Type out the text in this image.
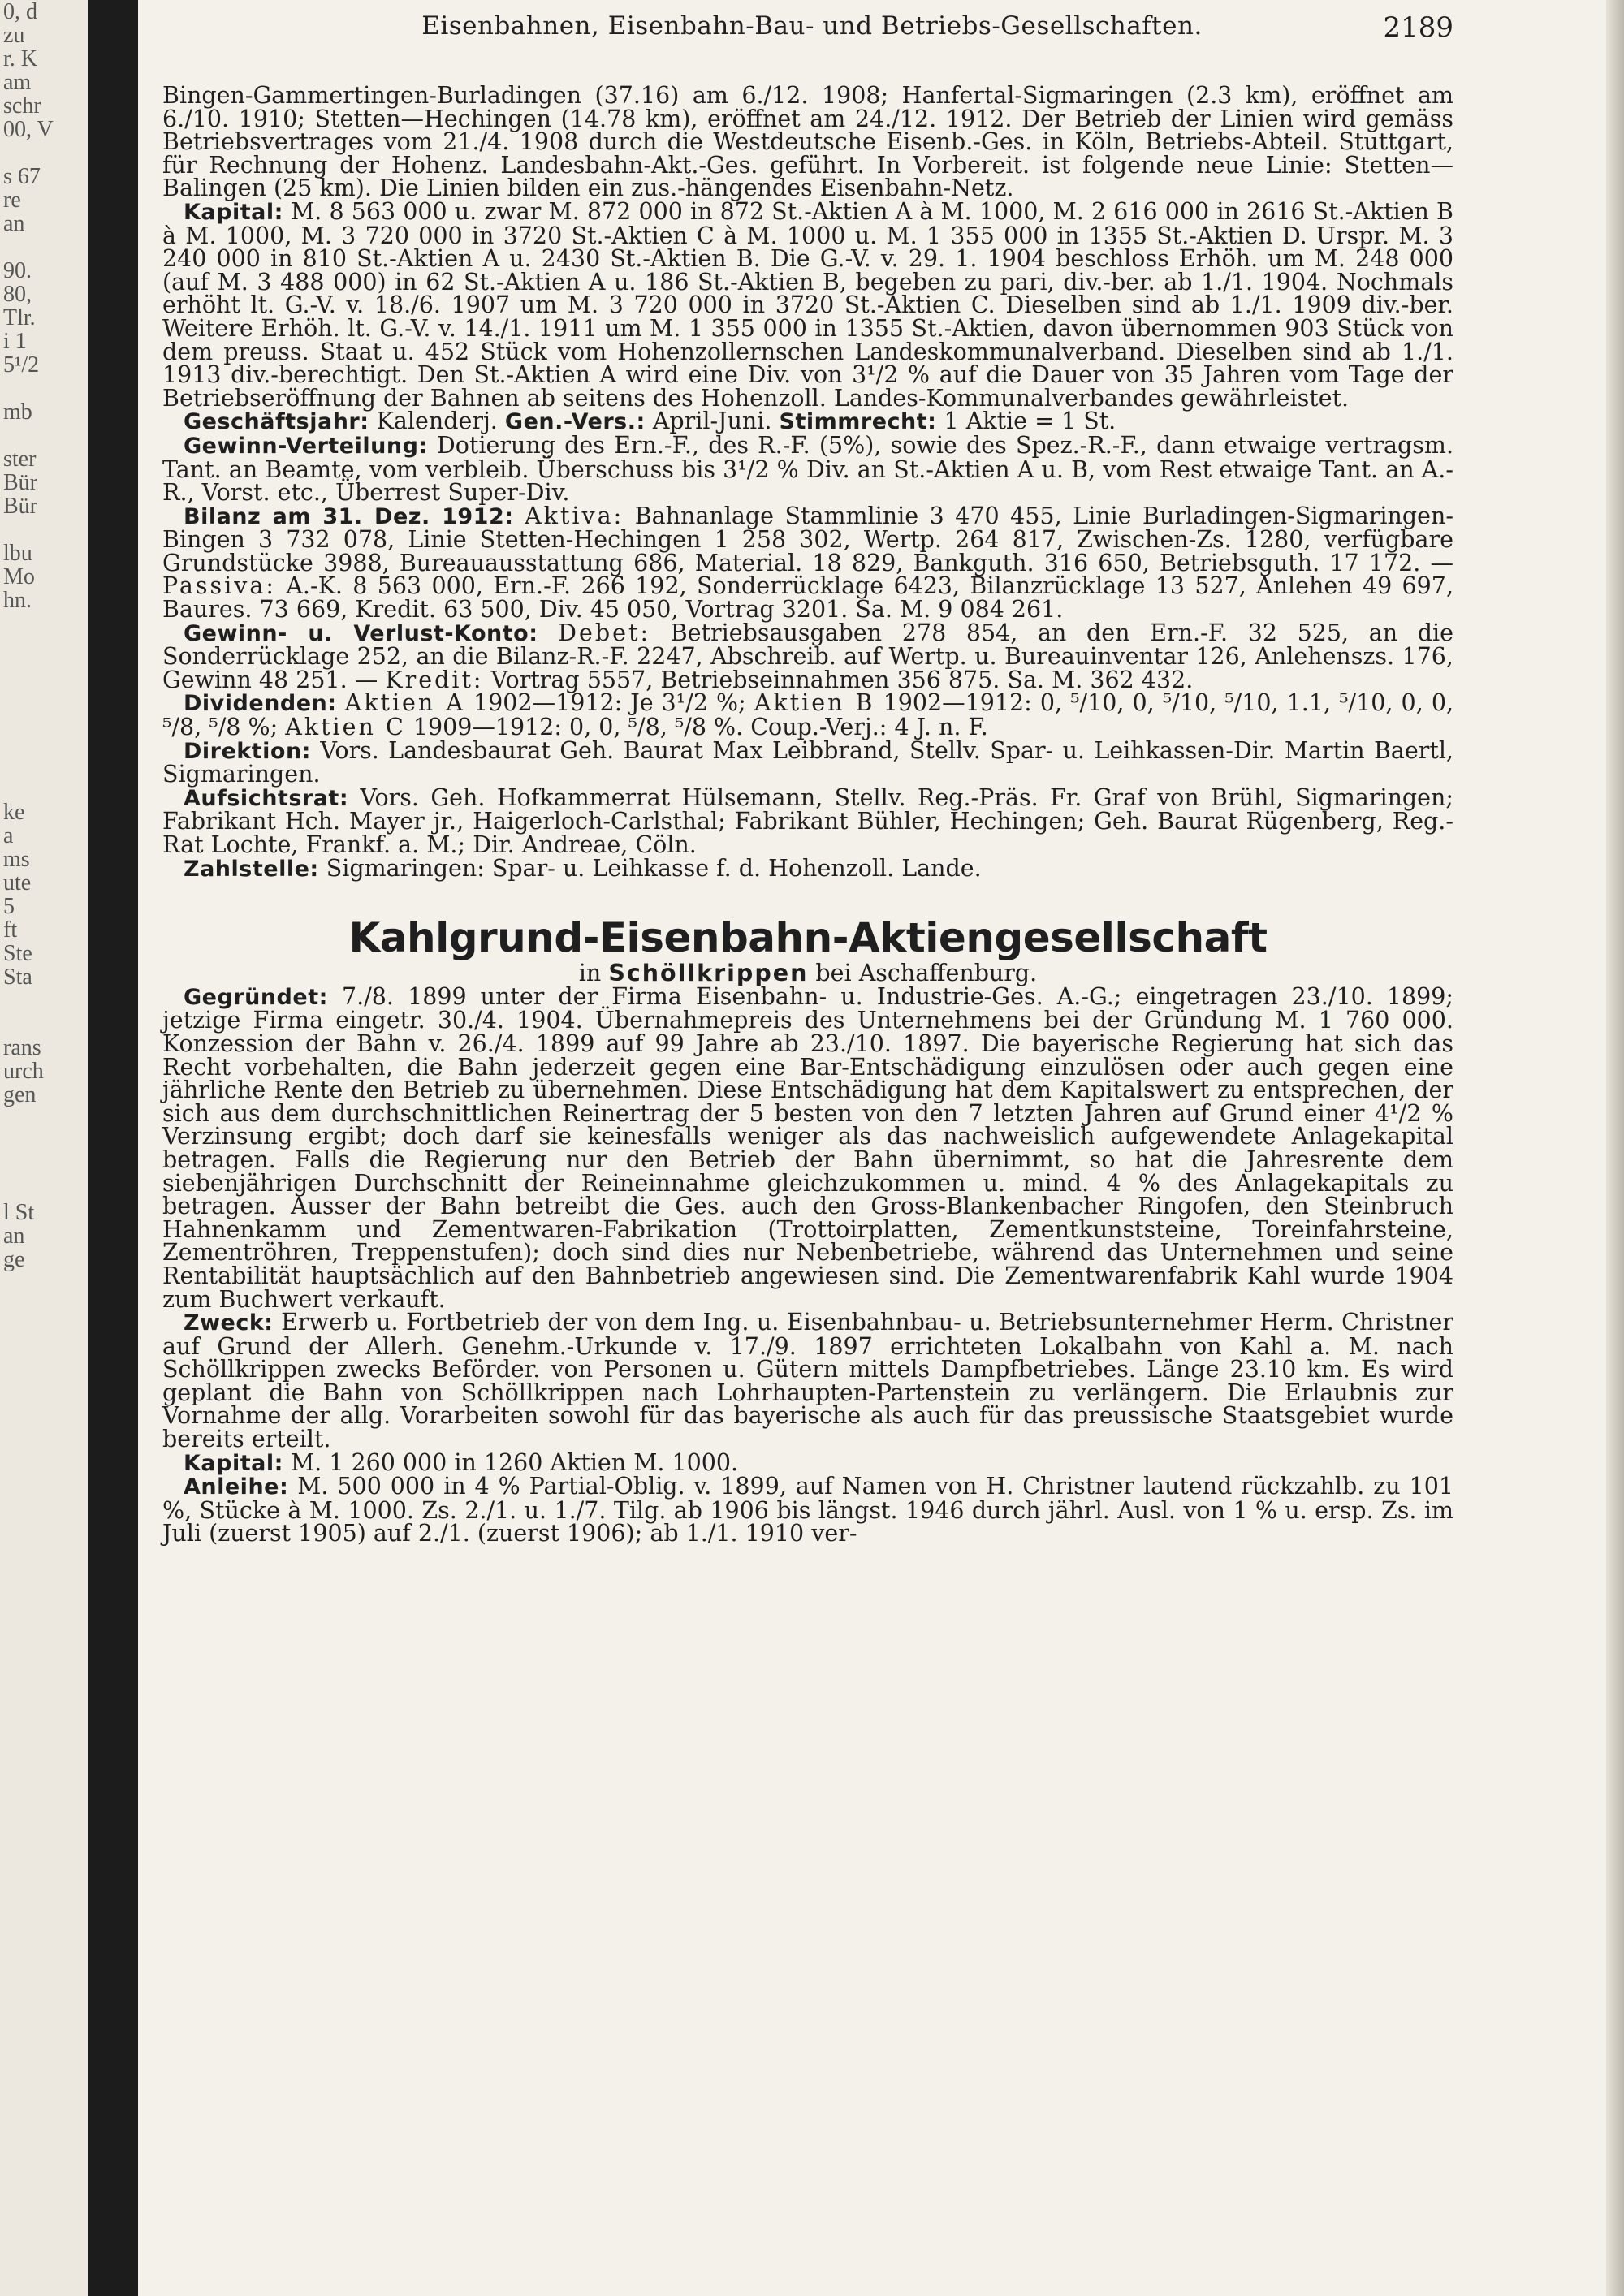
0, d
zu
r. K
am
schr
00, V

s 67
re
an

90.
80,
Tlr.
i 1
5¹/2

mb

ster
Bür
Bür

lbu
Mo
hn.

ke
a
ms
ute
5
ft
Ste
Sta

rans
urch
gen

l St
an
ge

Eisenbahnen, Eisenbahn-Bau- und Betriebs-Gesellschaften.	2189

Bingen-Gammertingen-Burladingen (37.16) am 6./12. 1908; Hanfertal-Sigmaringen (2.3 km), eröffnet am 6./10. 1910; Stetten—Hechingen (14.78 km), eröffnet am 24./12. 1912. Der Betrieb der Linien wird gemäss Betriebsvertrages vom 21./4. 1908 durch die Westdeutsche Eisenb.-Ges. in Köln, Betriebs-Abteil. Stuttgart, für Rechnung der Hohenz. Landesbahn-Akt.-Ges. geführt. In Vorbereit. ist folgende neue Linie: Stetten—Balingen (25 km). Die Linien bilden ein zus.-hängendes Eisenbahn-Netz.

Kapital: M. 8 563 000 u. zwar M. 872 000 in 872 St.-Aktien A à M. 1000, M. 2 616 000 in 2616 St.-Aktien B à M. 1000, M. 3 720 000 in 3720 St.-Aktien C à M. 1000 u. M. 1 355 000 in 1355 St.-Aktien D. Urspr. M. 3 240 000 in 810 St.-Aktien A u. 2430 St.-Aktien B. Die G.-V. v. 29. 1. 1904 beschloss Erhöh. um M. 248 000 (auf M. 3 488 000) in 62 St.-Aktien A u. 186 St.-Aktien B, begeben zu pari, div.-ber. ab 1./1. 1904. Nochmals erhöht lt. G.-V. v. 18./6. 1907 um M. 3 720 000 in 3720 St.-Aktien C. Dieselben sind ab 1./1. 1909 div.-ber. Weitere Erhöh. lt. G.-V. v. 14./1. 1911 um M. 1 355 000 in 1355 St.-Aktien, davon übernommen 903 Stück von dem preuss. Staat u. 452 Stück vom Hohenzollernschen Landeskommunalverband. Dieselben sind ab 1./1. 1913 div.-berechtigt. Den St.-Aktien A wird eine Div. von 3¹/2 % auf die Dauer von 35 Jahren vom Tage der Betriebseröffnung der Bahnen ab seitens des Hohenzoll. Landes-Kommunalverbandes gewährleistet.

Geschäftsjahr: Kalenderj. Gen.-Vers.: April-Juni. Stimmrecht: 1 Aktie = 1 St.

Gewinn-Verteilung: Dotierung des Ern.-F., des R.-F. (5%), sowie des Spez.-R.-F., dann etwaige vertragsm. Tant. an Beamte, vom verbleib. Überschuss bis 3¹/2 % Div. an St.-Aktien A u. B, vom Rest etwaige Tant. an A.-R., Vorst. etc., Überrest Super-Div.

Bilanz am 31. Dez. 1912: Aktiva: Bahnanlage Stammlinie 3 470 455, Linie Burladingen-Sigmaringen-Bingen 3 732 078, Linie Stetten-Hechingen 1 258 302, Wertp. 264 817, Zwischen-Zs. 1280, verfügbare Grundstücke 3988, Bureauausstattung 686, Material. 18 829, Bankguth. 316 650, Betriebsguth. 17 172. — Passiva: A.-K. 8 563 000, Ern.-F. 266 192, Sonderrücklage 6423, Bilanzrücklage 13 527, Anlehen 49 697, Baures. 73 669, Kredit. 63 500, Div. 45 050, Vortrag 3201. Sa. M. 9 084 261.

Gewinn- u. Verlust-Konto: Debet: Betriebsausgaben 278 854, an den Ern.-F. 32 525, an die Sonderrücklage 252, an die Bilanz-R.-F. 2247, Abschreib. auf Wertp. u. Bureauinventar 126, Anlehenszs. 176, Gewinn 48 251. — Kredit: Vortrag 5557, Betriebseinnahmen 356 875. Sa. M. 362 432.

Dividenden: Aktien A 1902—1912: Je 3¹/2 %; Aktien B 1902—1912: 0, ⁵/10, 0, ⁵/10, ⁵/10, 1.1, ⁵/10, 0, 0, ⁵/8, ⁵/8 %; Aktien C 1909—1912: 0, 0, ⁵/8, ⁵/8 %. Coup.-Verj.: 4 J. n. F.

Direktion: Vors. Landesbaurat Geh. Baurat Max Leibbrand, Stellv. Spar- u. Leihkassen-Dir. Martin Baertl, Sigmaringen.

Aufsichtsrat: Vors. Geh. Hofkammerrat Hülsemann, Stellv. Reg.-Präs. Fr. Graf von Brühl, Sigmaringen; Fabrikant Hch. Mayer jr., Haigerloch-Carlsthal; Fabrikant Bühler, Hechingen; Geh. Baurat Rügenberg, Reg.-Rat Lochte, Frankf. a. M.; Dir. Andreae, Cöln.

Zahlstelle: Sigmaringen: Spar- u. Leihkasse f. d. Hohenzoll. Lande.

Kahlgrund-Eisenbahn-Aktiengesellschaft

in Schöllkrippen bei Aschaffenburg.

Gegründet: 7./8. 1899 unter der Firma Eisenbahn- u. Industrie-Ges. A.-G.; eingetragen 23./10. 1899; jetzige Firma eingetr. 30./4. 1904. Übernahmepreis des Unternehmens bei der Gründung M. 1 760 000. Konzession der Bahn v. 26./4. 1899 auf 99 Jahre ab 23./10. 1897. Die bayerische Regierung hat sich das Recht vorbehalten, die Bahn jederzeit gegen eine Bar-Entschädigung einzulösen oder auch gegen eine jährliche Rente den Betrieb zu übernehmen. Diese Entschädigung hat dem Kapitalswert zu entsprechen, der sich aus dem durchschnittlichen Reinertrag der 5 besten von den 7 letzten Jahren auf Grund einer 4¹/2 % Verzinsung ergibt; doch darf sie keinesfalls weniger als das nachweislich aufgewendete Anlagekapital betragen. Falls die Regierung nur den Betrieb der Bahn übernimmt, so hat die Jahresrente dem siebenjährigen Durchschnitt der Reineinnahme gleichzukommen u. mind. 4 % des Anlagekapitals zu betragen. Ausser der Bahn betreibt die Ges. auch den Gross-Blankenbacher Ringofen, den Steinbruch Hahnenkamm und Zementwaren-Fabrikation (Trottoirplatten, Zementkunststeine, Toreinfahrsteine, Zementröhren, Treppenstufen); doch sind dies nur Nebenbetriebe, während das Unternehmen und seine Rentabilität hauptsächlich auf den Bahnbetrieb angewiesen sind. Die Zementwarenfabrik Kahl wurde 1904 zum Buchwert verkauft.

Zweck: Erwerb u. Fortbetrieb der von dem Ing. u. Eisenbahnbau- u. Betriebsunternehmer Herm. Christner auf Grund der Allerh. Genehm.-Urkunde v. 17./9. 1897 errichteten Lokalbahn von Kahl a. M. nach Schöllkrippen zwecks Beförder. von Personen u. Gütern mittels Dampfbetriebes. Länge 23.10 km. Es wird geplant die Bahn von Schöllkrippen nach Lohrhaupten-Partenstein zu verlängern. Die Erlaubnis zur Vornahme der allg. Vorarbeiten sowohl für das bayerische als auch für das preussische Staatsgebiet wurde bereits erteilt.

Kapital: M. 1 260 000 in 1260 Aktien M. 1000.

Anleihe: M. 500 000 in 4 % Partial-Oblig. v. 1899, auf Namen von H. Christner lautend rückzahlb. zu 101 %, Stücke à M. 1000. Zs. 2./1. u. 1./7. Tilg. ab 1906 bis längst. 1946 durch jährl. Ausl. von 1 % u. ersp. Zs. im Juli (zuerst 1905) auf 2./1. (zuerst 1906); ab 1./1. 1910 ver-
